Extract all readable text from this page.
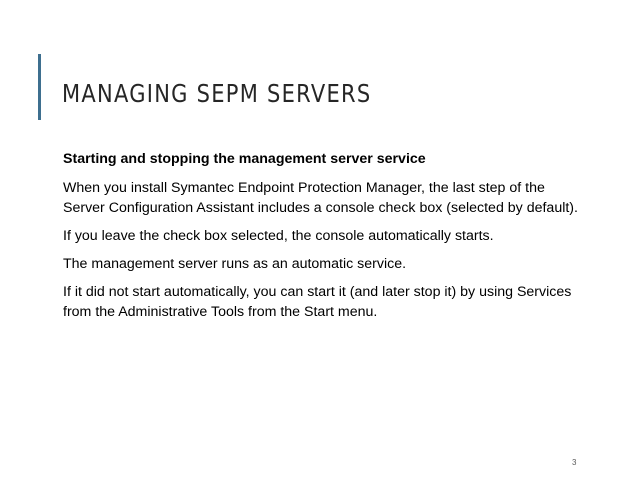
MANAGING SEPM SERVERS

Starting and stopping the management server service

When you install Symantec Endpoint Protection Manager, the last step of the Server Configuration Assistant includes a console check box (selected by default).

If you leave the check box selected, the console automatically starts.

The management server runs as an automatic service.

If it did not start automatically, you can start it (and later stop it) by using Services from the Administrative Tools from the Start menu.

3
